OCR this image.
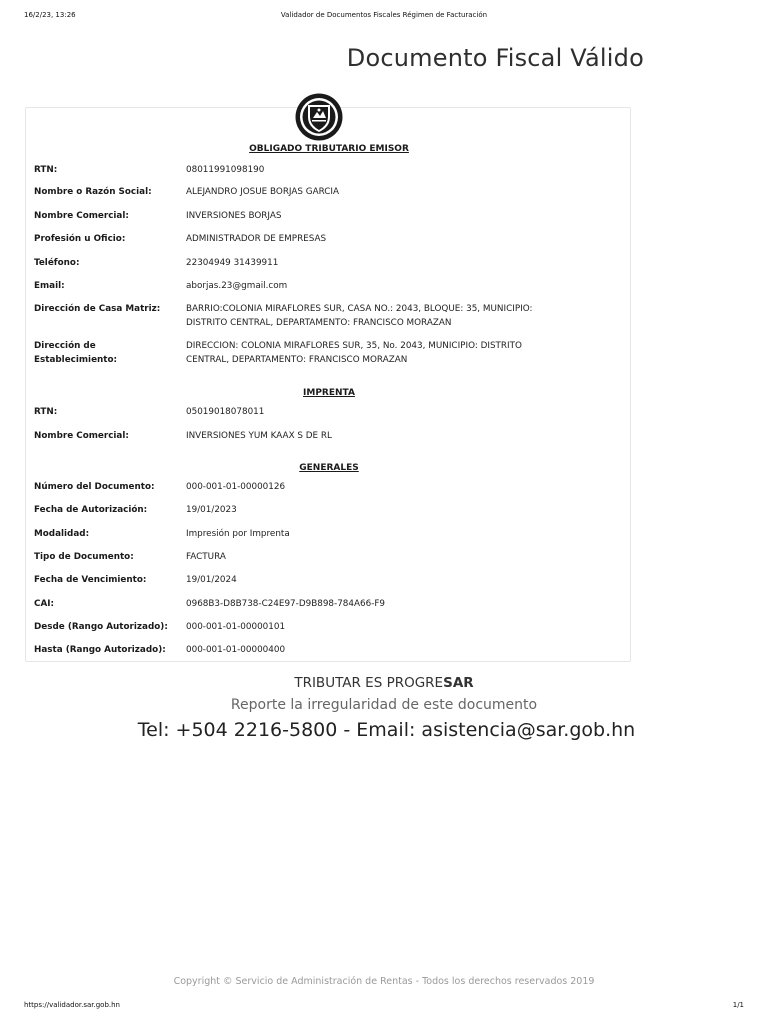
16/2/23, 13:26	Validador de Documentos Fiscales Régimen de Facturación
Documento Fiscal Válido
OBLIGADO TRIBUTARIO EMISOR
RTN:	08011991098190
Nombre o Razón Social:	ALEJANDRO JOSUE BORJAS GARCIA
Nombre Comercial:	INVERSIONES BORJAS
Profesión u Oficio:	ADMINISTRADOR DE EMPRESAS
Teléfono:	22304949 31439911
Email:	aborjas.23@gmail.com
Dirección de Casa Matriz:	BARRIO:COLONIA MIRAFLORES SUR, CASA NO.: 2043, BLOQUE: 35, MUNICIPIO: DISTRITO CENTRAL, DEPARTAMENTO: FRANCISCO MORAZAN
Dirección de Establecimiento:
DIRECCION: COLONIA MIRAFLORES SUR, 35, No. 2043, MUNICIPIO: DISTRITO CENTRAL, DEPARTAMENTO: FRANCISCO MORAZAN
IMPRENTA
RTN:	05019018078011
Nombre Comercial:	INVERSIONES YUM KAAX S DE RL
GENERALES
Número del Documento:	000-001-01-00000126
Fecha de Autorización:	19/01/2023
Modalidad:	Impresión por Imprenta
Tipo de Documento:	FACTURA
Fecha de Vencimiento:	19/01/2024
CAI:	0968B3-D8B738-C24E97-D9B898-784A66-F9
Desde (Rango Autorizado):	000-001-01-00000101
Hasta (Rango Autorizado):	000-001-01-00000400
TRIBUTAR ES PROGRESAR
Reporte la irregularidad de este documento
Tel: +504 2216-5800 - Email: asistencia@sar.gob.hn
Copyright © Servicio de Administración de Rentas - Todos los derechos reservados 2019
https://validador.sar.gob.hn	1/1
